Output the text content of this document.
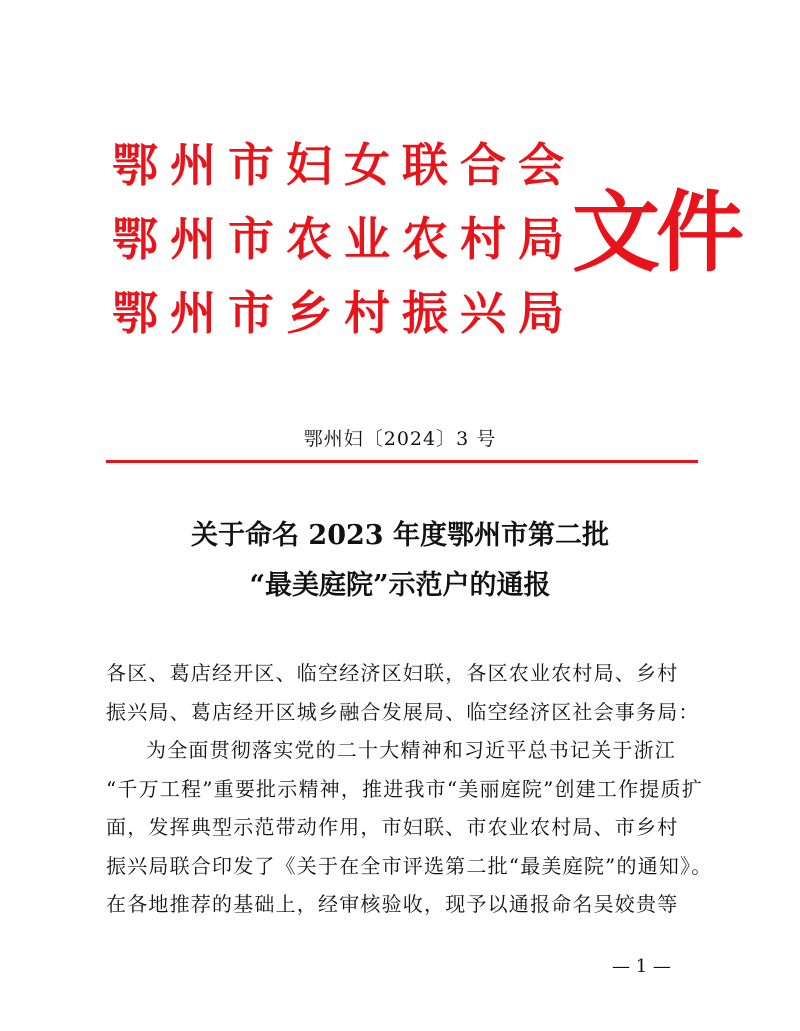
鄂州市妇女联合会
鄂州市农业农村局
鄂州市乡村振兴局
文件
鄂州妇〔2024〕3 号
关于命名 2023 年度鄂州市第二批
“最美庭院”示范户的通报

各区、葛店经开区、临空经济区妇联，各区农业农村局、乡村

振兴局、葛店经开区城乡融合发展局、临空经济区社会事务局：

为全面贯彻落实党的二十大精神和习近平总书记关于浙江

“千万工程”重要批示精神，推进我市“美丽庭院”创建工作提质扩

面，发挥典型示范带动作用，市妇联、市农业农村局、市乡村

振兴局联合印发了《关于在全市评选第二批“最美庭院”的通知》。

在各地推荐的基础上，经审核验收，现予以通报命名吴姣贵等

— 1 —
